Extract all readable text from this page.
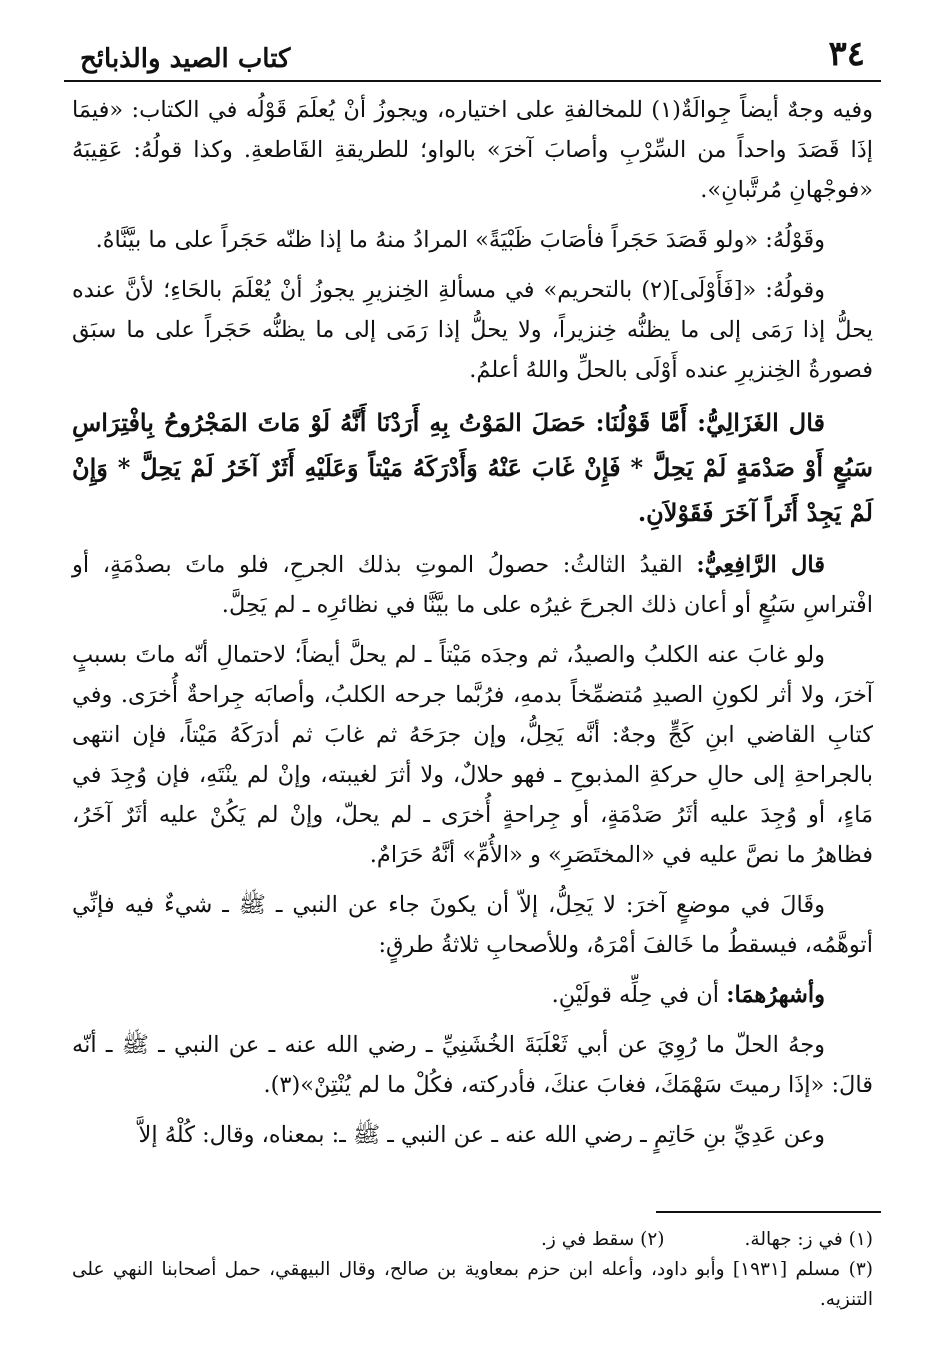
٣٤
كتاب الصيد والذبائح

وفيه وجهٌ أيضاً جِوالَةٌ(١) للمخالفةِ على اختياره، ويجوزُ أنْ يُعلَمَ قَوْلُه في الكتاب: «فيمَا إذَا قَصَدَ واحداً من السِّرْبِ وأصابَ آخرَ» بالواو؛ للطريقةِ القَاطعةِ. وكذا قولُهُ: عَقِيبَهُ «فوجْهانِ مُرتَّبانِ».

وقَوْلُهُ: «ولو قَصَدَ حَجَراً فأصَابَ ظَبْيَةً» المرادُ منهُ ما إذا ظنّه حَجَراً على ما بيَّنَّاهُ.

وقولُهُ: «[فَأَوْلَى](٢) بالتحريم» في مسألةِ الخِنزيرِ يجوزُ أنْ يُعْلَمَ بالحَاءِ؛ لأنَّ عنده يحلُّ إذا رَمَى إلى ما يظنُّه خِنزيراً، ولا يحلُّ إذا رَمَى إلى ما يظنُّه حَجَراً على ما سبَق فصورةُ الخِنزيرِ عنده أَوْلَى بالحلِّ واللهُ أعلمُ.

قال الغَزَالِيُّ: أَمَّا قَوْلُنَا: حَصَلَ المَوْتُ بِهِ أَرَدْنَا أَنَّهُ لَوْ مَاتَ المَجْرُوحُ بِافْتِرَاسِ سَبُعٍ أَوْ صَدْمَةٍ لَمْ يَحِلَّ * فَإِنْ غَابَ عَنْهُ وَأَدْرَكَهُ مَيْتاً وَعَلَيْهِ أَثَرٌ آخَرُ لَمْ يَحِلَّ * وَإِنْ لَمْ يَجِدْ أَثَراً آخَرَ فَقَوْلاَنِ.

قال الرَّافِعِيُّ: القيدُ الثالثُ: حصولُ الموتِ بذلك الجرحِ، فلو ماتَ بصدْمَةٍ، أو افْتراسِ سَبُعٍ أو أعان ذلك الجرحَ غيرُه على ما بيَّنَّا في نظائرِه ـ لم يَحِلَّ.

ولو غابَ عنه الكلبُ والصيدُ، ثم وجدَه مَيْتاً ـ لم يحلَّ أيضاً؛ لاحتمالِ أنّه ماتَ بسببٍ آخرَ، ولا أثر لكونِ الصيدِ مُتضمِّخاً بدمهِ، فرُبَّما جرحه الكلبُ، وأصابَه جِراحةٌ أُخرَى. وفي كتابِ القاضي ابنِ كَجٍّ وجهٌ: أنَّه يَحِلُّ، وإن جرَحَهُ ثم غابَ ثم أدرَكَهُ مَيْتاً، فإن انتهى بالجراحةِ إلى حالِ حركةِ المذبوحِ ـ فهو حلالٌ، ولا أثرَ لغيبته، وإنْ لم ينْتَهِ، فإن وُجِدَ في مَاءٍ، أو وُجِدَ عليه أثَرُ صَدْمَةٍ، أو جِراحةٍ أُخرَى ـ لم يحلّ، وإنْ لم يَكُنْ عليه أثَرٌ آخَرُ، فظاهرُ ما نصَّ عليه في «المختَصَرِ» و «الأُمِّ» أنَّهُ حَرَامٌ.

وقَالَ في موضعٍ آخرَ: لا يَحِلُّ، إلاّ أن يكونَ جاء عن النبي ـ ﷺ ـ شيءٌ فيه فإنِّي أتوهَّمُه، فيسقطُ ما خَالفَ أمْرَهُ، وللأصحابِ ثلاثةُ طرقٍ:

وأشهرُهمَا: أن في حِلِّه قولَيْنِ.

وجهُ الحلّ ما رُوِيَ عن أبي ثَعْلَبَةَ الخُشَنِيِّ ـ رضي الله عنه ـ عن النبي ـ ﷺ ـ أنّه قالَ: «إذَا رميتَ سَهْمَكَ، فغابَ عنكَ، فأدركته، فكُلْ ما لم يُنْتِنْ»(٣).

وعن عَدِيِّ بنِ حَاتِمٍ ـ رضي الله عنه ـ عن النبي ـ ﷺ ـ: بمعناه، وقال: كُلْهُ إلاَّ

(١) في ز: جهالة.
(٢) سقط في ز.
(٣) مسلم [١٩٣١] وأبو داود، وأعله ابن حزم بمعاوية بن صالح، وقال البيهقي، حمل أصحابنا النهي على التنزيه.
